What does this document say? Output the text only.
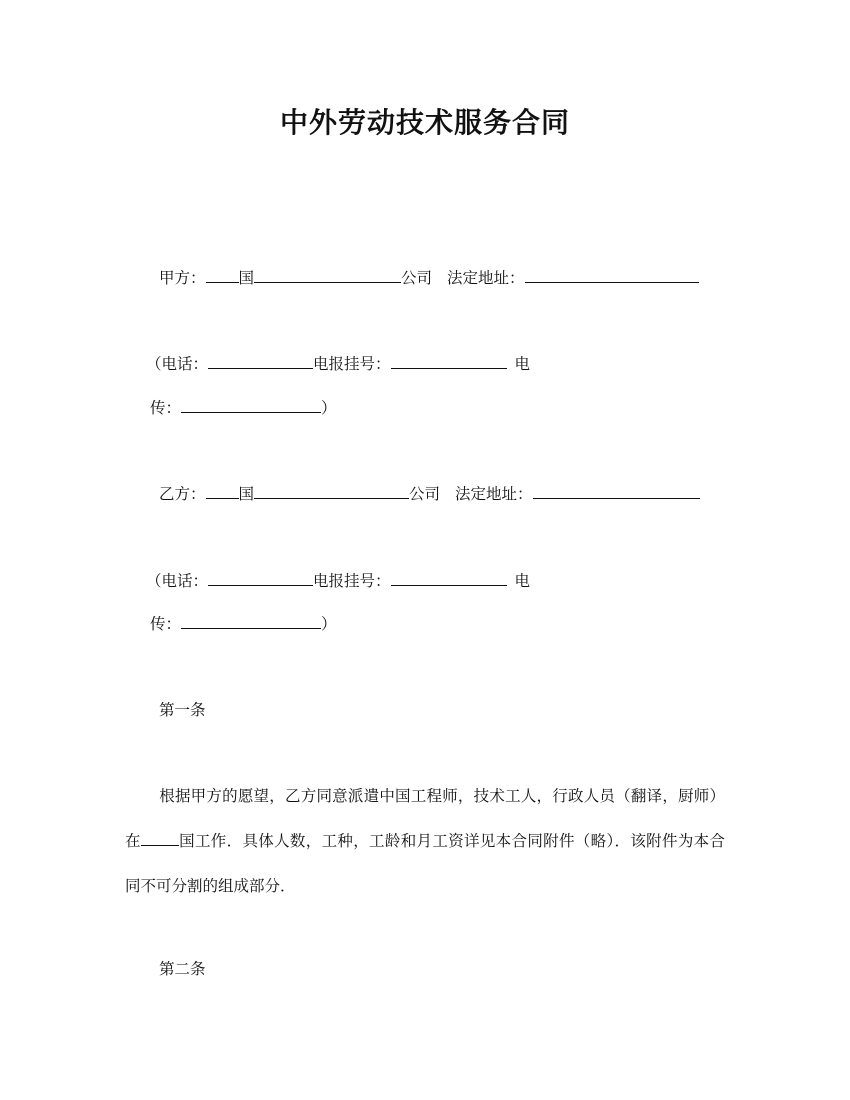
中外劳动技术服务合同
甲方： 国	公司 法定地址：
（电话：	电报挂号：	电
传：	）
乙方： 国	公司 法定地址：
（电话：	电报挂号：	电
传：	）
第一条
根据甲方的愿望，乙方同意派遣中国工程师，技术工人，行政人员（翻译，厨师）在 国工作．具体人数，工种，工龄和月工资详见本合同附件（略）．该附件为本合同不可分割的组成部分．
第二条
